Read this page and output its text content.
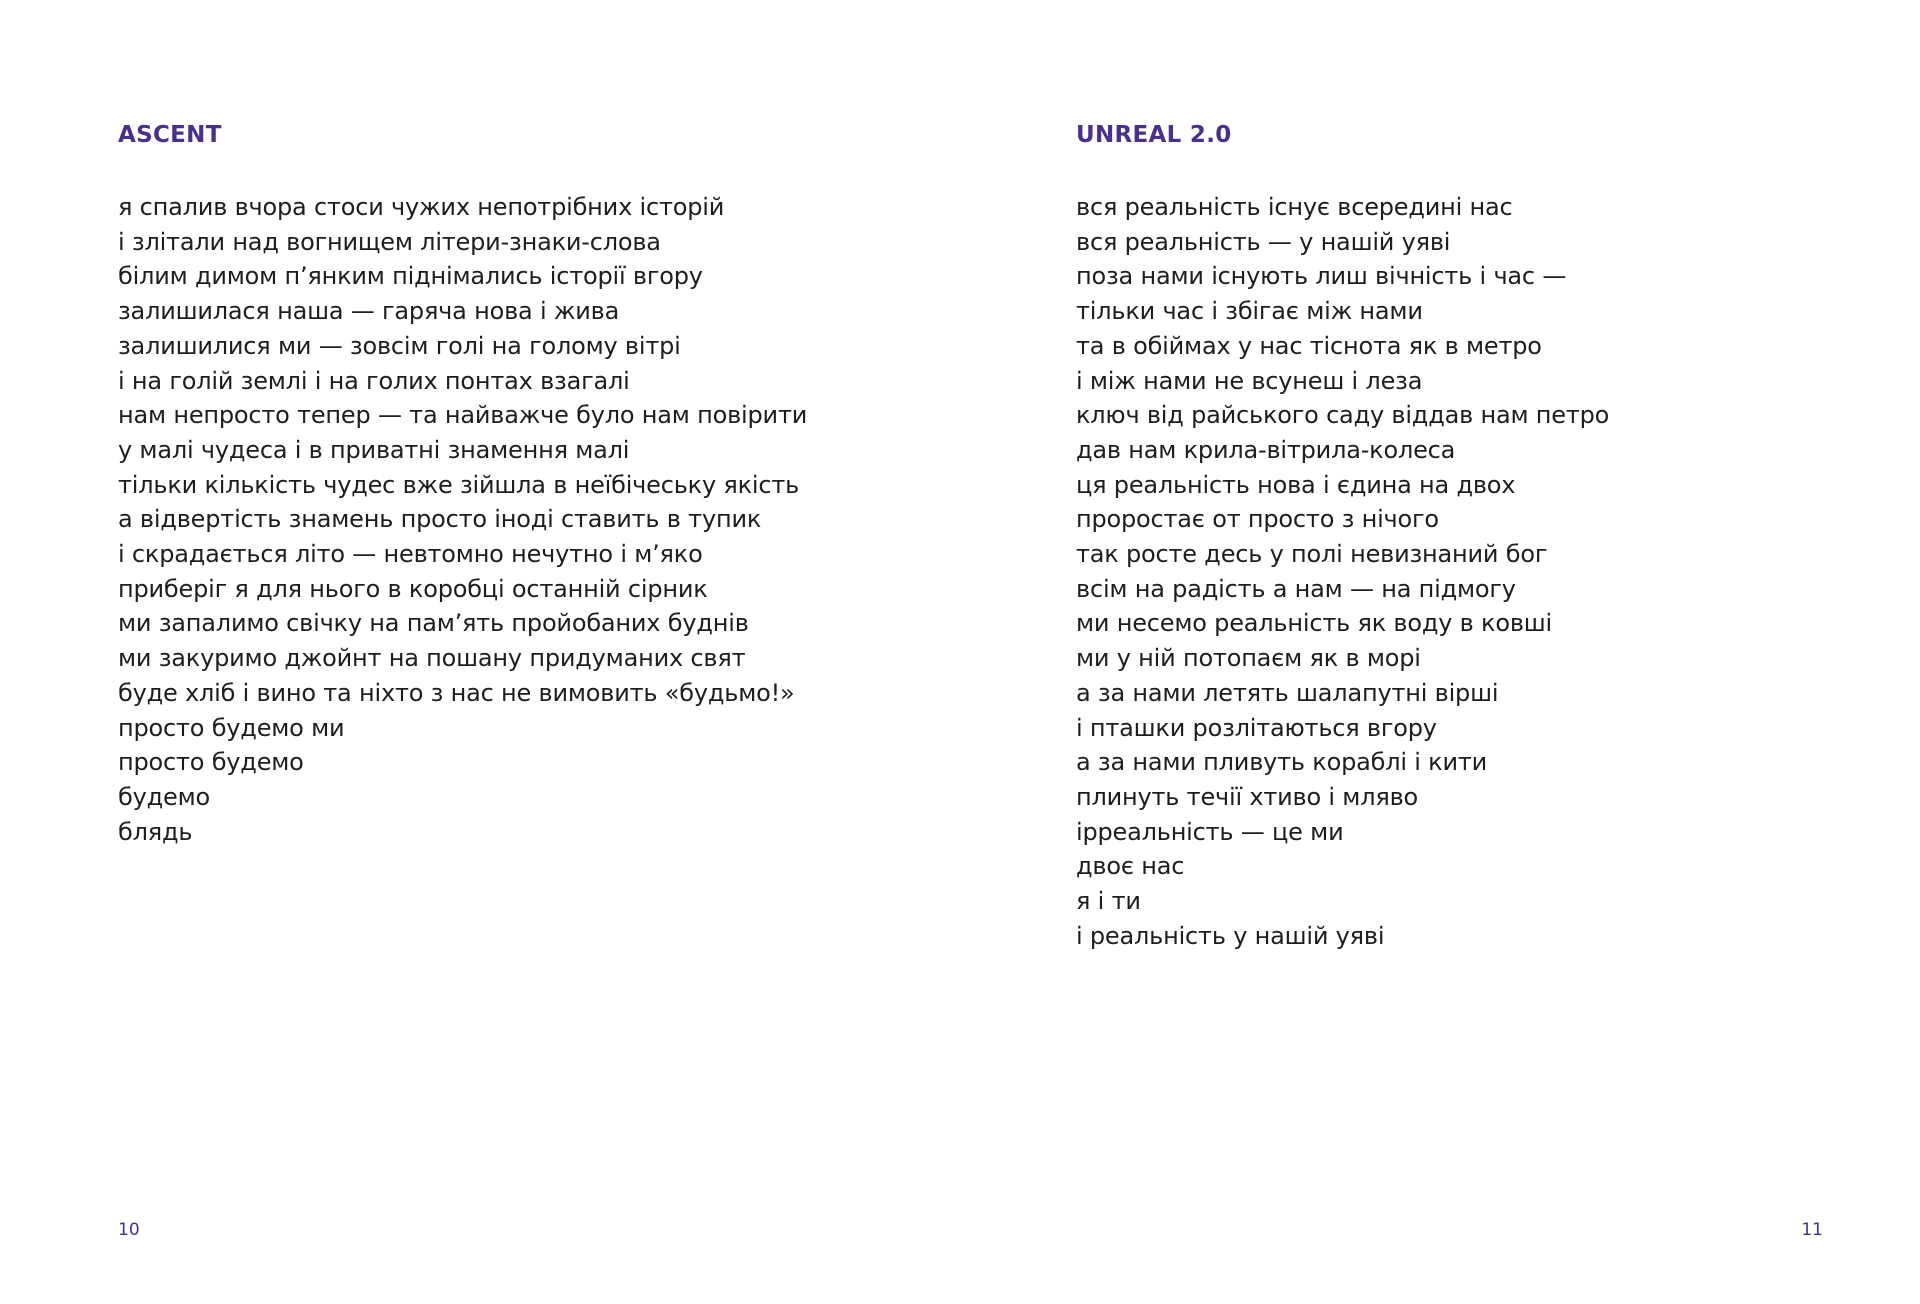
ASCENT
я спалив вчора стоси чужих непотрібних історій
і злітали над вогнищем літери-знаки-слова
білим димом п’янким піднімались історії вгору
залишилася наша — гаряча нова і жива
залишилися ми — зовсім голі на голому вітрі
і на голій землі і на голих понтах взагалі
нам непросто тепер — та найважче було нам повірити
у малі чудеса і в приватні знамення малі
тільки кількість чудес вже зійшла в неїбічеську якість
а відвертість знамень просто іноді ставить в тупик
і скрадається літо — невтомно нечутно і м’яко
приберіг я для нього в коробці останній сірник
ми запалимо свічку на пам’ять пройобаних буднів
ми закуримо джойнт на пошану придуманих свят
буде хліб і вино та ніхто з нас не вимовить «будьмо!»
просто будемо ми
просто будемо
будемо
блядь
10
UNREAL 2.0
вся реальність існує всередині нас
вся реальність — у нашій уяві
поза нами існують лиш вічність і час —
тільки час і збігає між нами
та в обіймах у нас тіснота як в метро
і між нами не всунеш і леза
ключ від райського саду віддав нам петро
дав нам крила-вітрила-колеса
ця реальність нова і єдина на двох
проростає от просто з нічого
так росте десь у полі невизнаний бог
всім на радість а нам — на підмогу
ми несемо реальність як воду в ковші
ми у ній потопаєм як в морі
а за нами летять шалапутні вірші
і пташки розлітаються вгору
а за нами пливуть кораблі і кити
плинуть течії хтиво і мляво
ірреальність — це ми
двоє нас
я і ти
і реальність у нашій уяві
11
